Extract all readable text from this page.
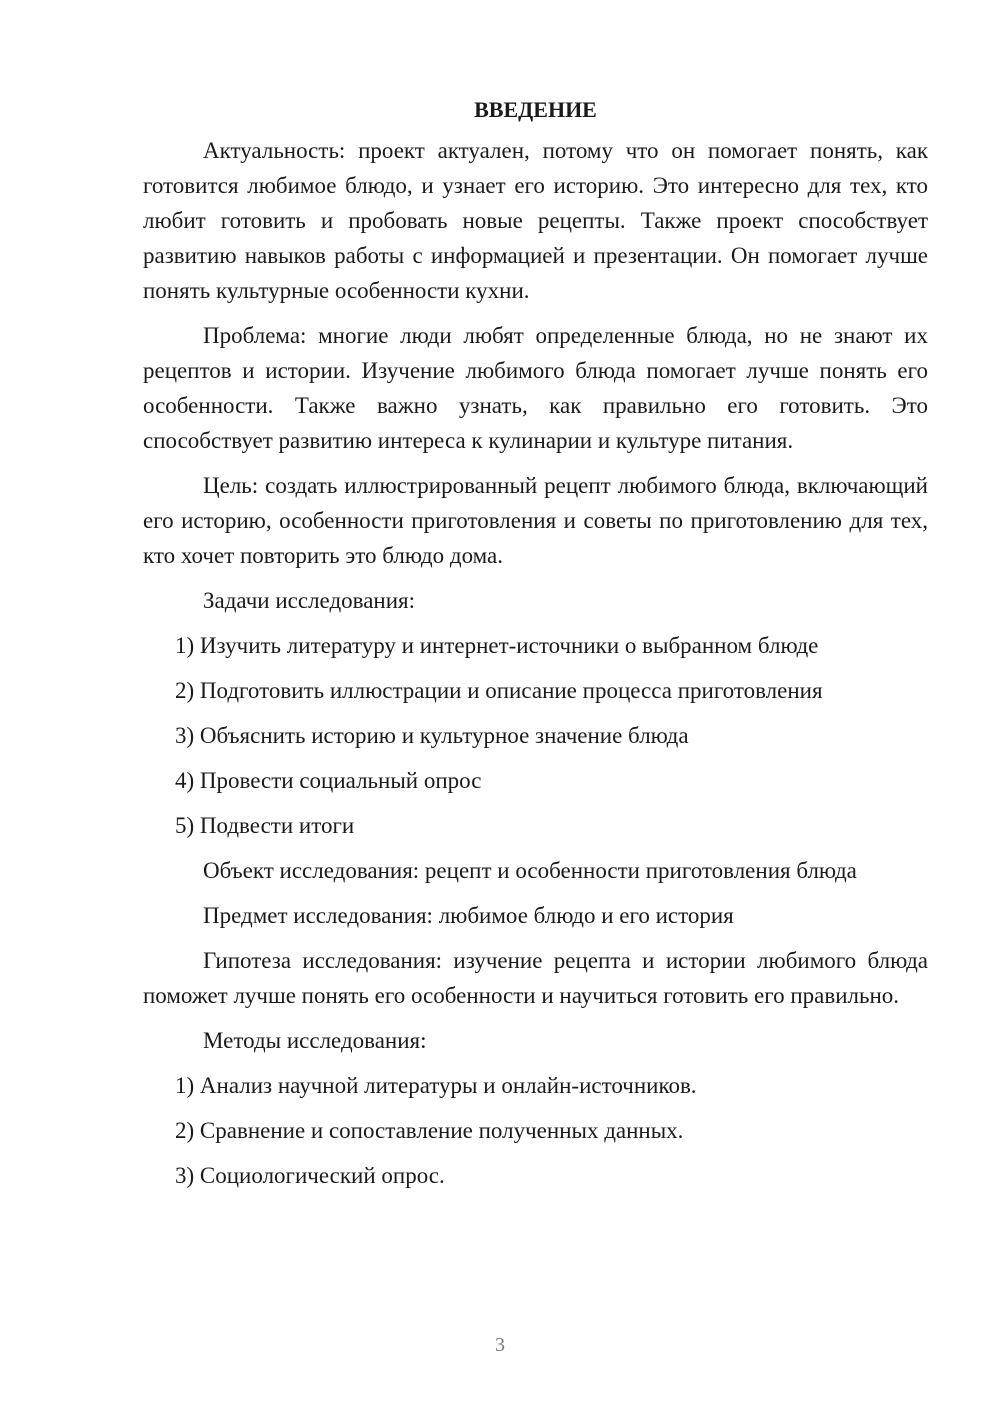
ВВЕДЕНИЕ

Актуальность: проект актуален, потому что он помогает понять, как готовится любимое блюдо, и узнает его историю. Это интересно для тех, кто любит готовить и пробовать новые рецепты. Также проект способствует развитию навыков работы с информацией и презентации. Он помогает лучше понять культурные особенности кухни.

Проблема: многие люди любят определенные блюда, но не знают их рецептов и истории. Изучение любимого блюда помогает лучше понять его особенности. Также важно узнать, как правильно его готовить. Это способствует развитию интереса к кулинарии и культуре питания.

Цель: создать иллюстрированный рецепт любимого блюда, включающий его историю, особенности приготовления и советы по приготовлению для тех, кто хочет повторить это блюдо дома.

Задачи исследования:
1) Изучить литературу и интернет-источники о выбранном блюде
2) Подготовить иллюстрации и описание процесса приготовления
3) Объяснить историю и культурное значение блюда
4) Провести социальный опрос
5) Подвести итоги
Объект исследования: рецепт и особенности приготовления блюда
Предмет исследования: любимое блюдо и его история

Гипотеза исследования: изучение рецепта и истории любимого блюда поможет лучше понять его особенности и научиться готовить его правильно.

Методы исследования:
1) Анализ научной литературы и онлайн-источников.
2) Сравнение и сопоставление полученных данных.
3) Социологический опрос.
3
